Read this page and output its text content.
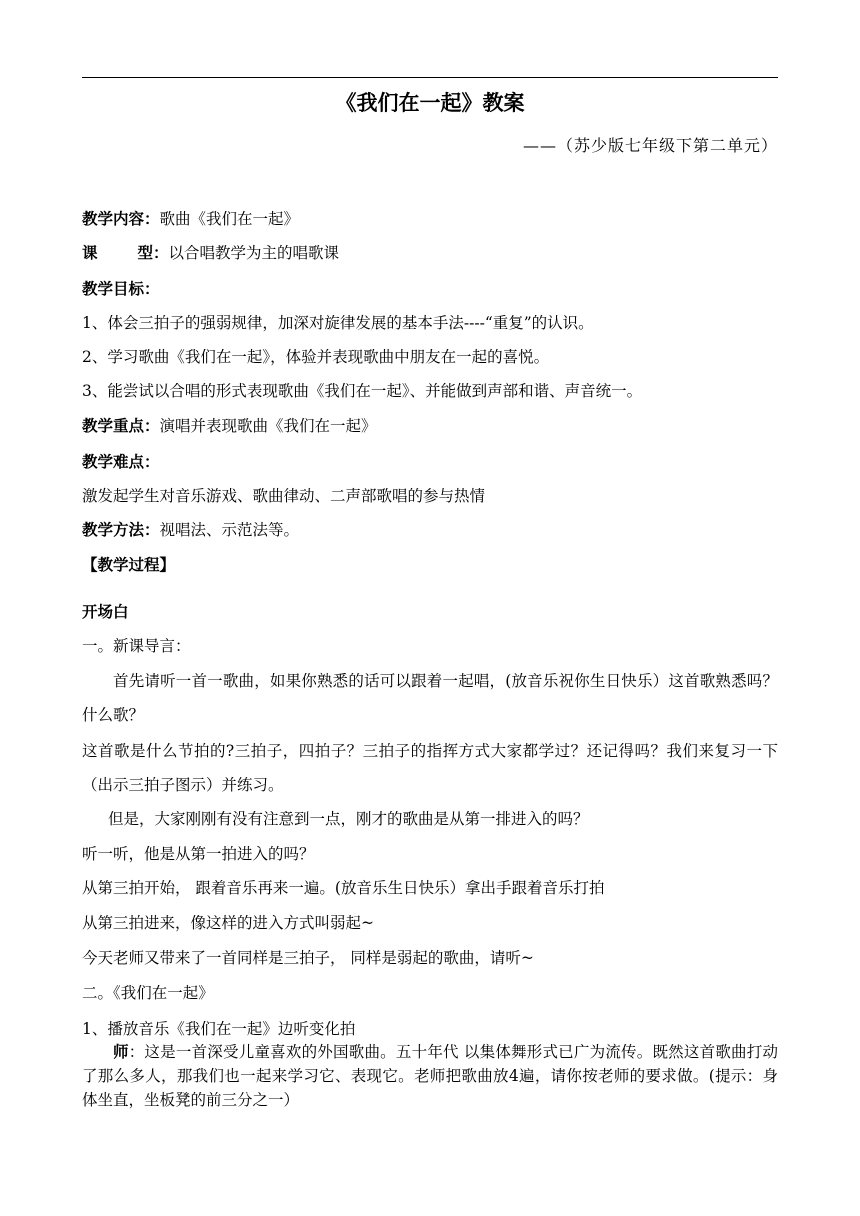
《我们在一起》教案
——（苏少版七年级下第二单元）
教学内容：歌曲《我们在一起》
课	型：以合唱教学为主的唱歌课
教学目标：
1、体会三拍子的强弱规律，加深对旋律发展的基本手法----“重复”的认识。
2、学习歌曲《我们在一起》，体验并表现歌曲中朋友在一起的喜悦。
3、能尝试以合唱的形式表现歌曲《我们在一起》、并能做到声部和谐、声音统一。
教学重点：演唱并表现歌曲《我们在一起》
教学难点：
激发起学生对音乐游戏、歌曲律动、二声部歌唱的参与热情
教学方法：视唱法、示范法等。
【教学过程】
开场白
一。新课导言：
首先请听一首一歌曲，如果你熟悉的话可以跟着一起唱，(放音乐祝你生日快乐）这首歌熟悉吗？什么歌？
这首歌是什么节拍的?三拍子，四拍子？三拍子的指挥方式大家都学过？还记得吗？我们来复习一下（出示三拍子图示）并练习。
但是，大家刚刚有没有注意到一点，刚才的歌曲是从第一排进入的吗？
听一听，他是从第一拍进入的吗？
从第三拍开始， 跟着音乐再来一遍。(放音乐生日快乐）拿出手跟着音乐打拍
从第三拍进来，像这样的进入方式叫弱起~
今天老师又带来了一首同样是三拍子， 同样是弱起的歌曲，请听~
二。《我们在一起》
1、播放音乐《我们在一起》边听变化拍
师：这是一首深受儿童喜欢的外国歌曲。五十年代 以集体舞形式已广为流传。既然这首歌曲打动了那么多人，那我们也一起来学习它、表现它。老师把歌曲放4遍，请你按老师的要求做。(提示：身体坐直，坐板凳的前三分之一）
